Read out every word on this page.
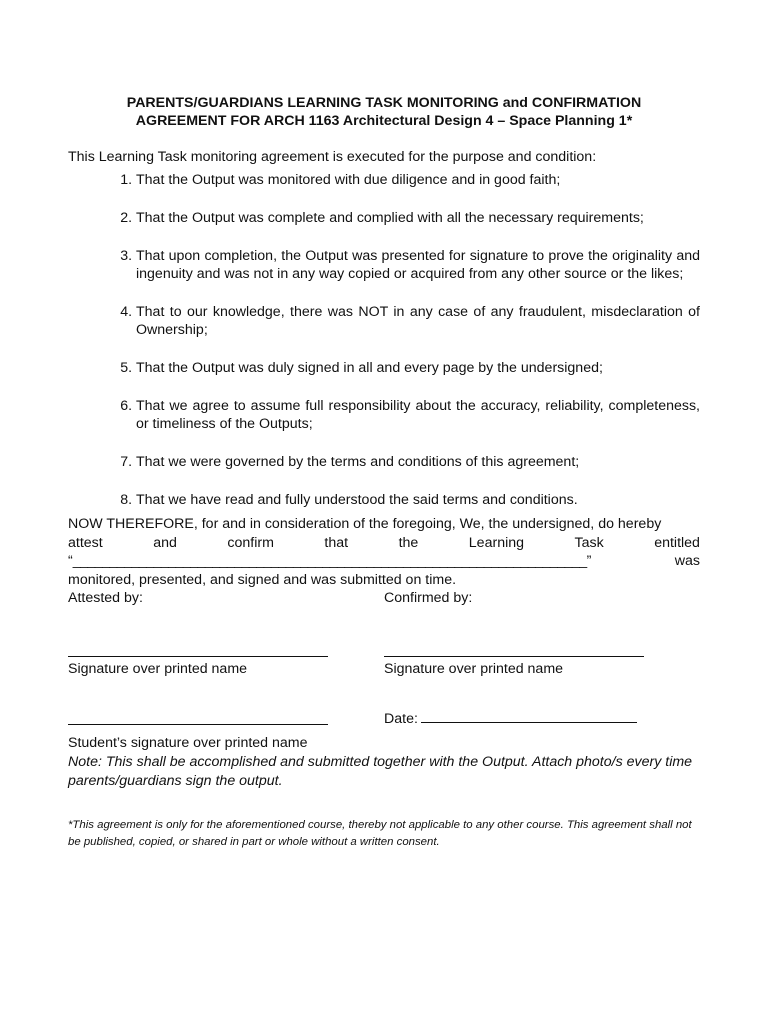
PARENTS/GUARDIANS LEARNING TASK MONITORING and CONFIRMATION
AGREEMENT FOR ARCH 1163 Architectural Design 4 – Space Planning 1*

This Learning Task monitoring agreement is executed for the purpose and condition:

1. That the Output was monitored with due diligence and in good faith;
2. That the Output was complete and complied with all the necessary requirements;
3. That upon completion, the Output was presented for signature to prove the originality and ingenuity and was not in any way copied or acquired from any other source or the likes;
4. That to our knowledge, there was NOT in any case of any fraudulent, misdeclaration of Ownership;
5. That the Output was duly signed in all and every page by the undersigned;
6. That we agree to assume full responsibility about the accuracy, reliability, completeness, or timeliness of the Outputs;
7. That we were governed by the terms and conditions of this agreement;
8. That we have read and fully understood the said terms and conditions.
NOW THEREFORE, for and in consideration of the foregoing, We, the undersigned, do hereby
attest	and	confirm	that	the	Learning	Task	entitled
“ ______________________________________________________________________ ”	was
monitored, presented, and signed and was submitted on time.
Attested by:	Confirmed by:
Signature over printed name	Signature over printed name
Date:
Student’s signature over printed name

Note: This shall be accomplished and submitted together with the Output. Attach photo/s every time parents/guardians sign the output.

*This agreement is only for the aforementioned course, thereby not applicable to any other course. This agreement shall not be published, copied, or shared in part or whole without a written consent.
